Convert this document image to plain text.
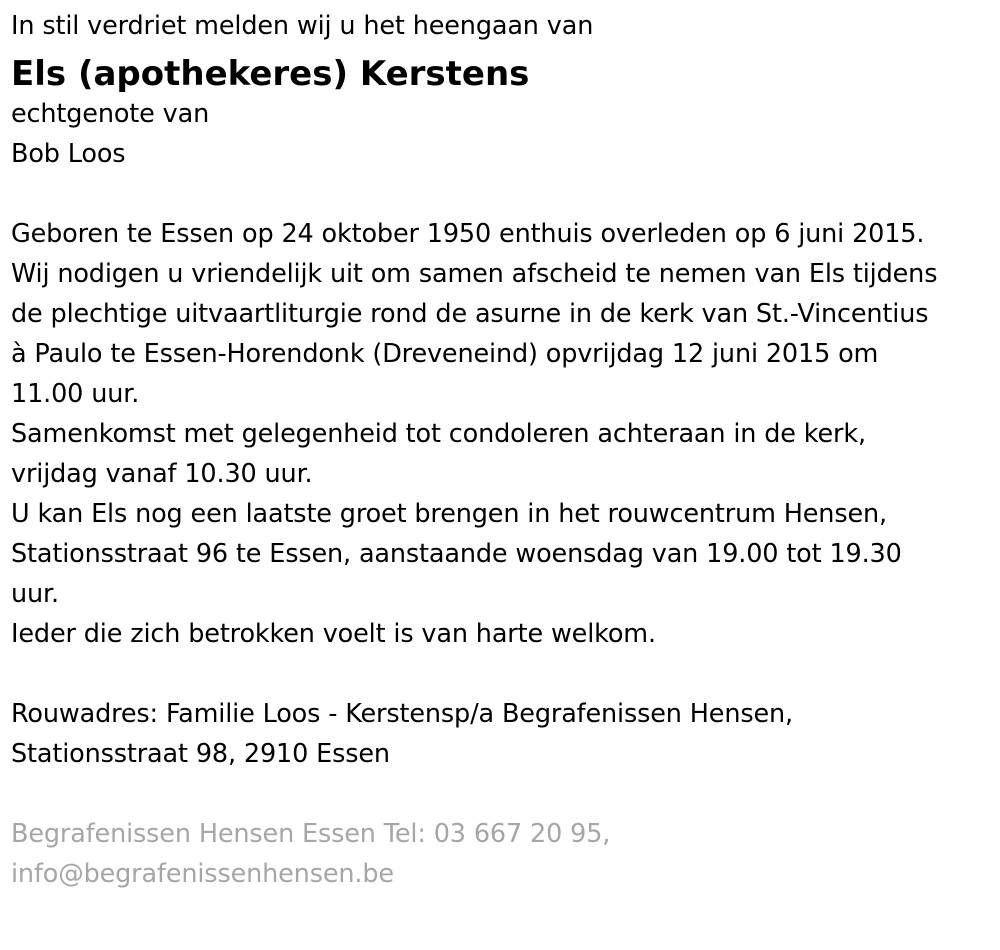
In stil verdriet melden wij u het heengaan van
Els (apothekeres) Kerstens
echtgenote van
Bob Loos
Geboren te Essen op 24 oktober 1950 enthuis overleden op 6 juni 2015.
Wij nodigen u vriendelijk uit om samen afscheid te nemen van Els tijdens
de plechtige uitvaartliturgie rond de asurne in de kerk van St.-Vincentius
à Paulo te Essen-Horendonk (Dreveneind) opvrijdag 12 juni 2015 om
11.00 uur.
Samenkomst met gelegenheid tot condoleren achteraan in de kerk,
vrijdag vanaf 10.30 uur.
U kan Els nog een laatste groet brengen in het rouwcentrum Hensen,
Stationsstraat 96 te Essen, aanstaande woensdag van 19.00 tot 19.30
uur.
Ieder die zich betrokken voelt is van harte welkom.
Rouwadres: Familie Loos - Kerstensp/a Begrafenissen Hensen,
Stationsstraat 98, 2910 Essen
Begrafenissen Hensen Essen Tel: 03 667 20 95,
info@begrafenissenhensen.be
